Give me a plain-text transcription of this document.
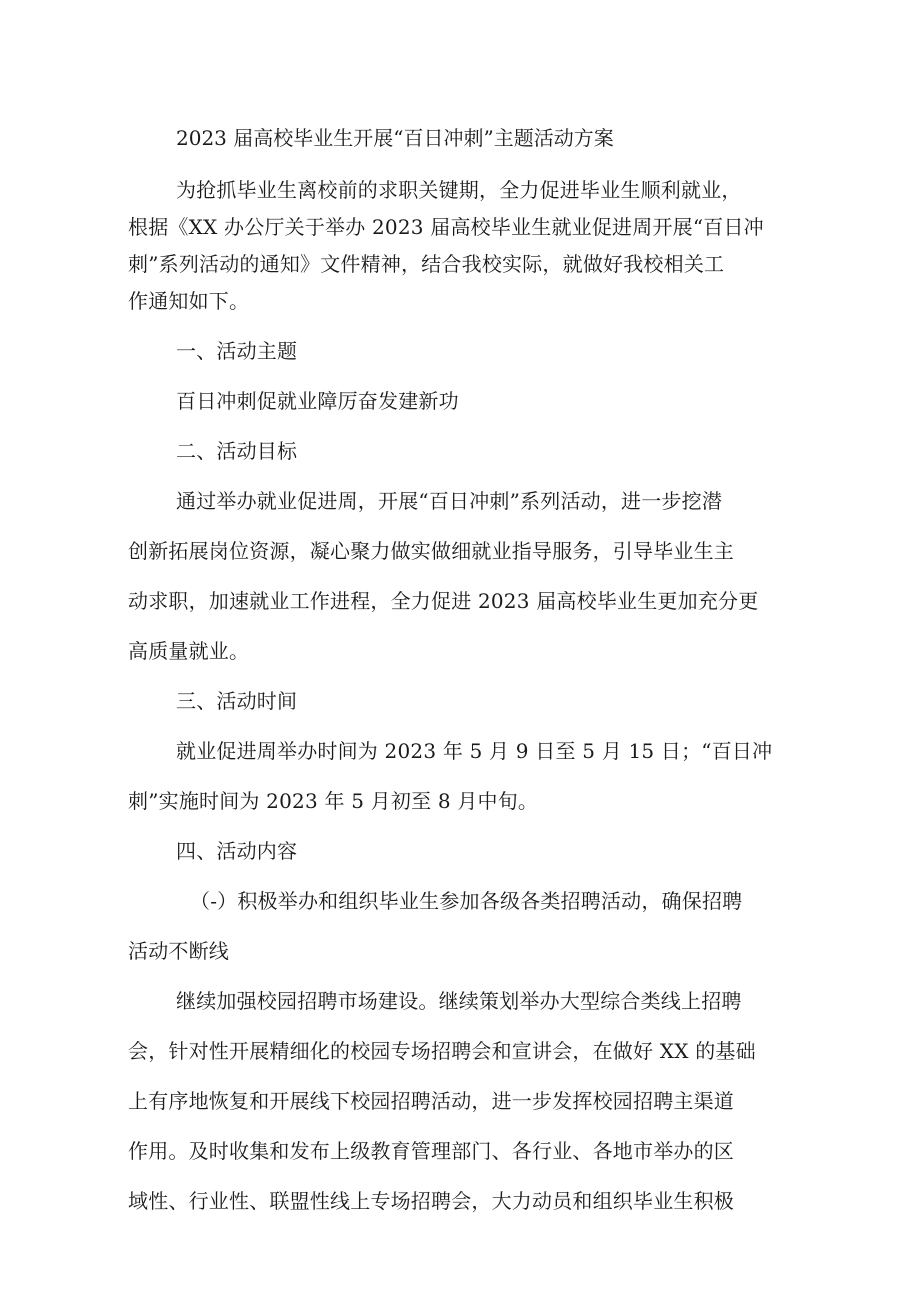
2023 届高校毕业生开展“百日冲刺”主题活动方案
为抢抓毕业生离校前的求职关键期，全力促进毕业生顺利就业，
根据《XX 办公厅关于举办 2023 届高校毕业生就业促进周开展“百日冲
刺”系列活动的通知》文件精神，结合我校实际，就做好我校相关工
作通知如下。
一、活动主题
百日冲刺促就业障厉奋发建新功
二、活动目标
通过举办就业促进周，开展“百日冲刺”系列活动，进一步挖潜
创新拓展岗位资源，凝心聚力做实做细就业指导服务，引导毕业生主
动求职，加速就业工作进程，全力促进 2023 届高校毕业生更加充分更
高质量就业。
三、活动时间
就业促进周举办时间为 2023 年 5 月 9 日至 5 月 15 日；“百日冲
刺”实施时间为 2023 年 5 月初至 8 月中旬。
四、活动内容
（-）积极举办和组织毕业生参加各级各类招聘活动，确保招聘
活动不断线
继续加强校园招聘市场建设。继续策划举办大型综合类线上招聘
会，针对性开展精细化的校园专场招聘会和宣讲会，在做好 XX 的基础
上有序地恢复和开展线下校园招聘活动，进一步发挥校园招聘主渠道
作用。及时收集和发布上级教育管理部门、各行业、各地市举办的区
域性、行业性、联盟性线上专场招聘会，大力动员和组织毕业生积极
